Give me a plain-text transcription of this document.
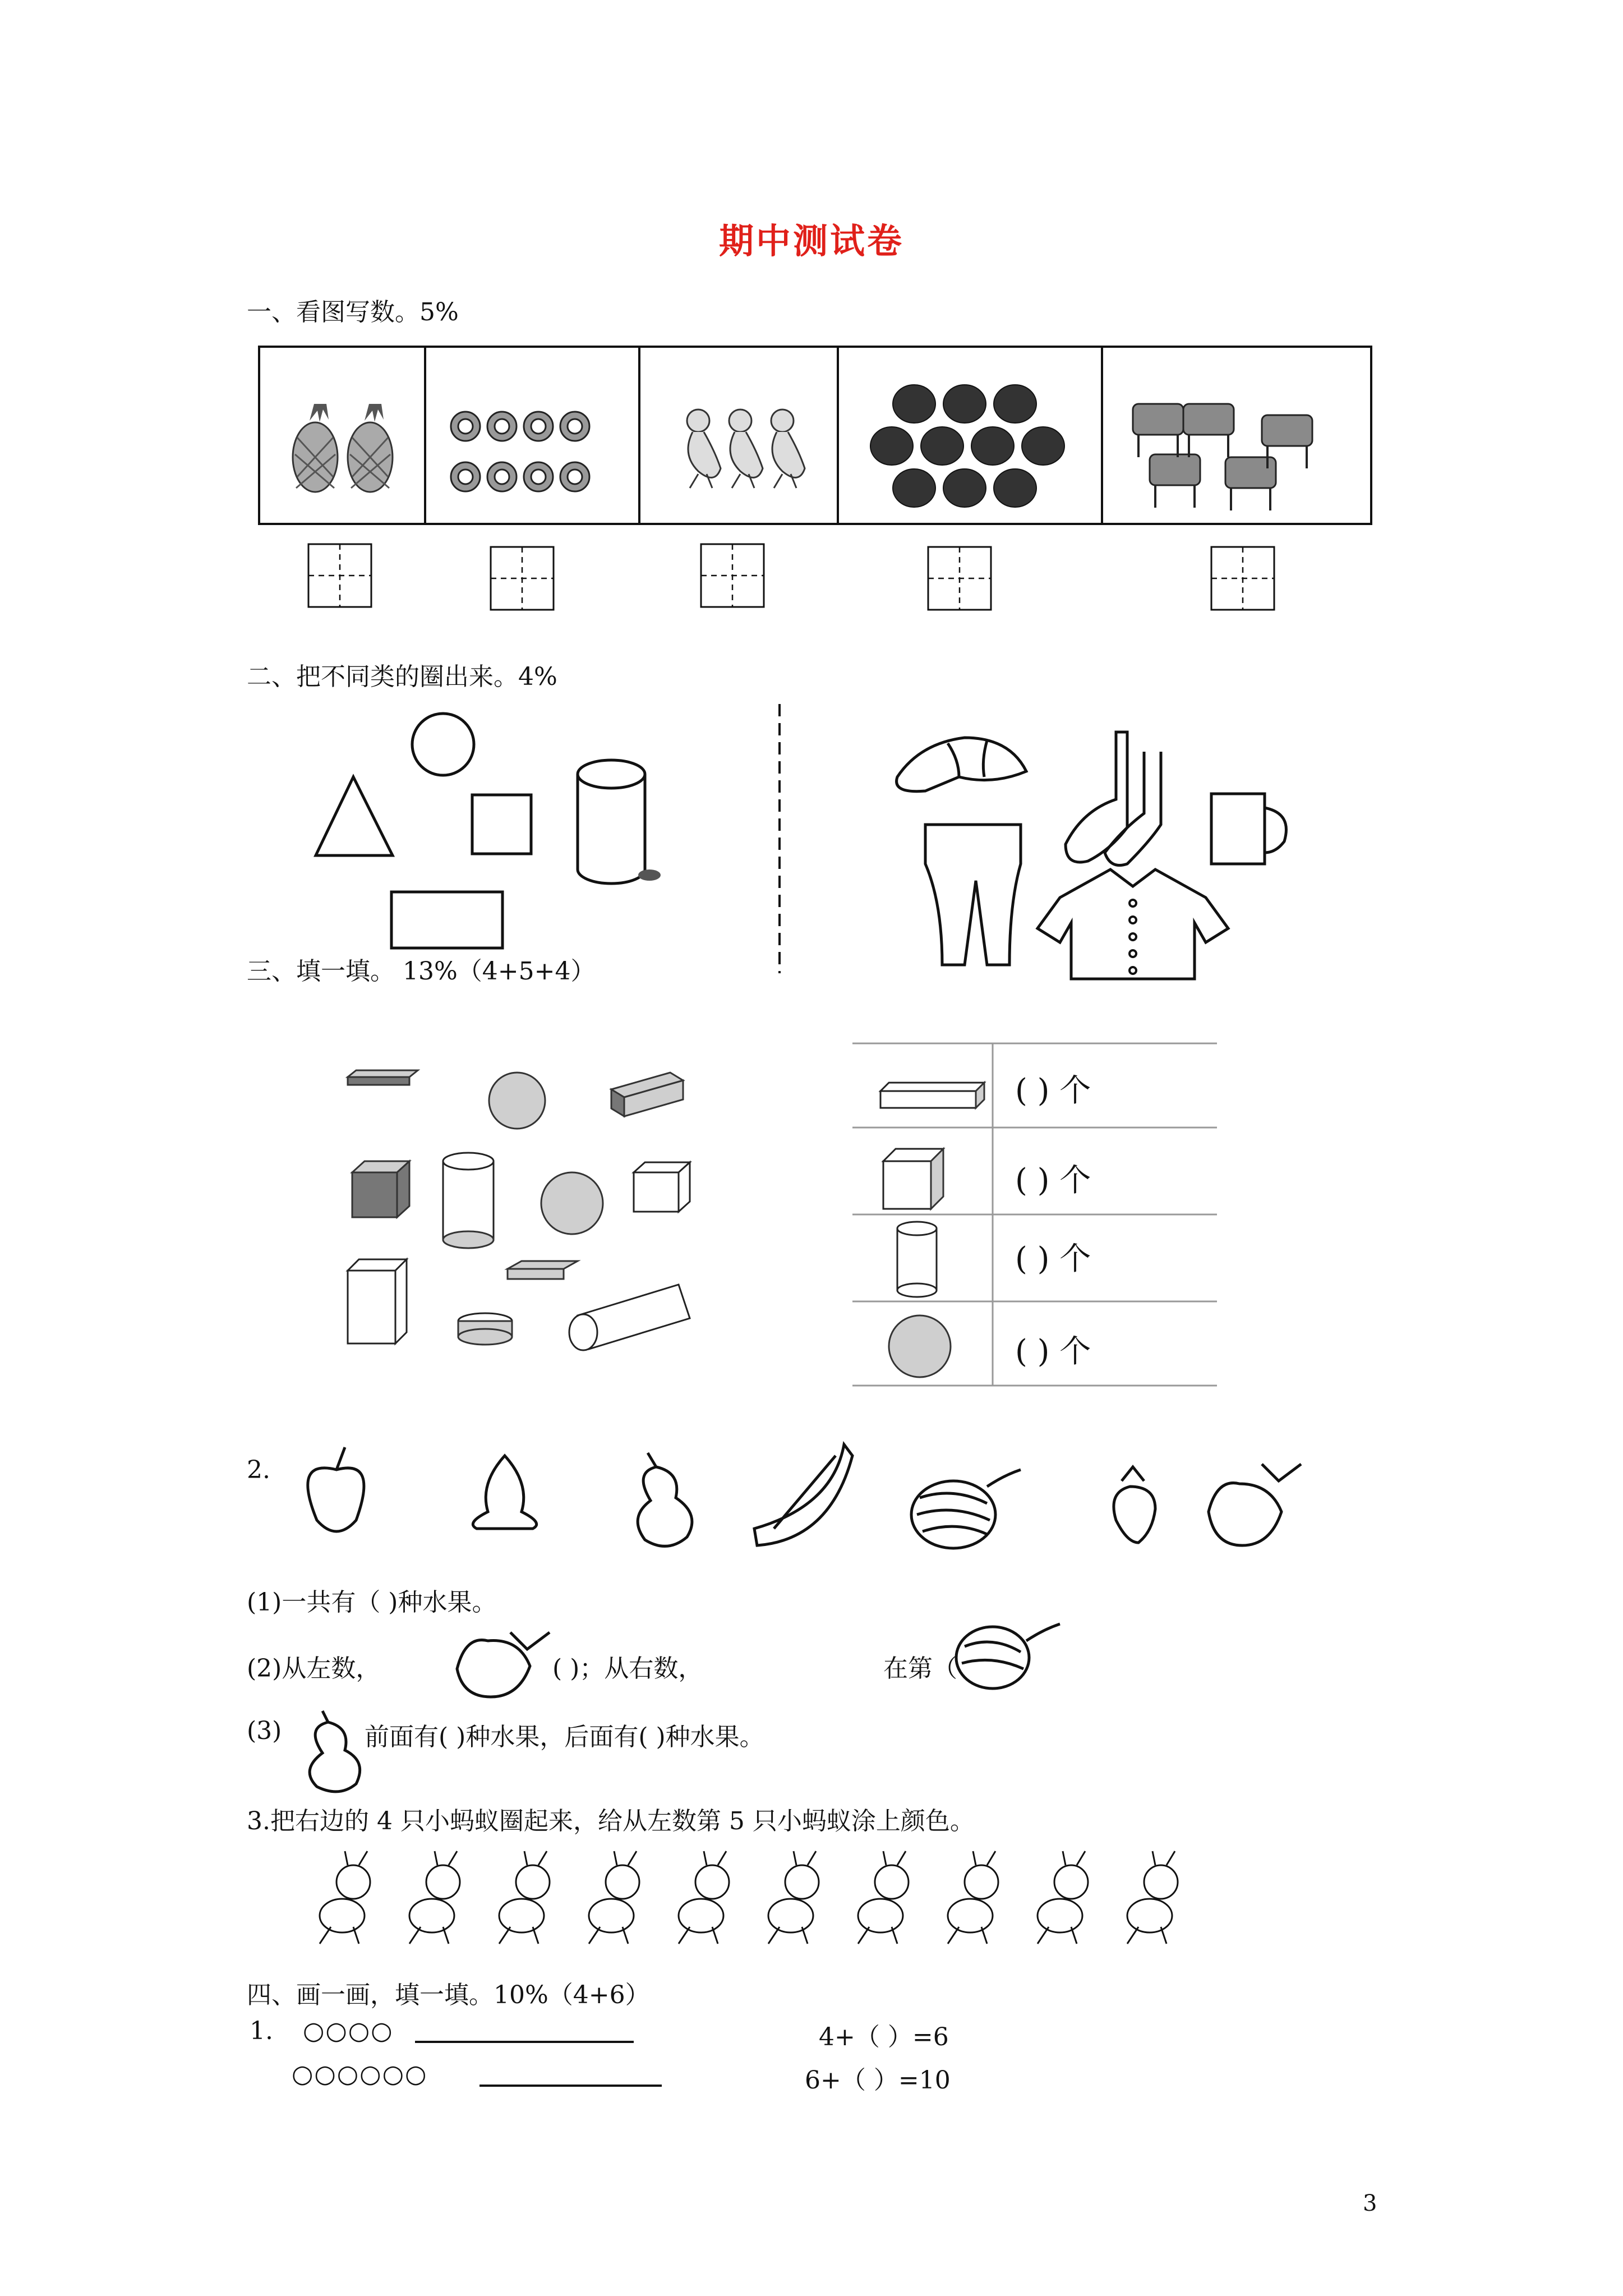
期中测试卷
一、看图写数。5%
二、把不同类的圈出来。4%
三、填一填。 13%（4+5+4）
( ) 个
( ) 个
( ) 个
( ) 个
2.
(1)一共有（ )种水果。
(2)从左数，	( )；从右数，	在第（
(3)	前面有( )种水果，后面有( )种水果。
3.把右边的 4 只小蚂蚁圈起来，给从左数第 5 只小蚂蚁涂上颜色。
四、画一画，填一填。10%（4+6）
1. ○○○○	4+（ ）=6
○○○○○○	6+（ ）=10
3
